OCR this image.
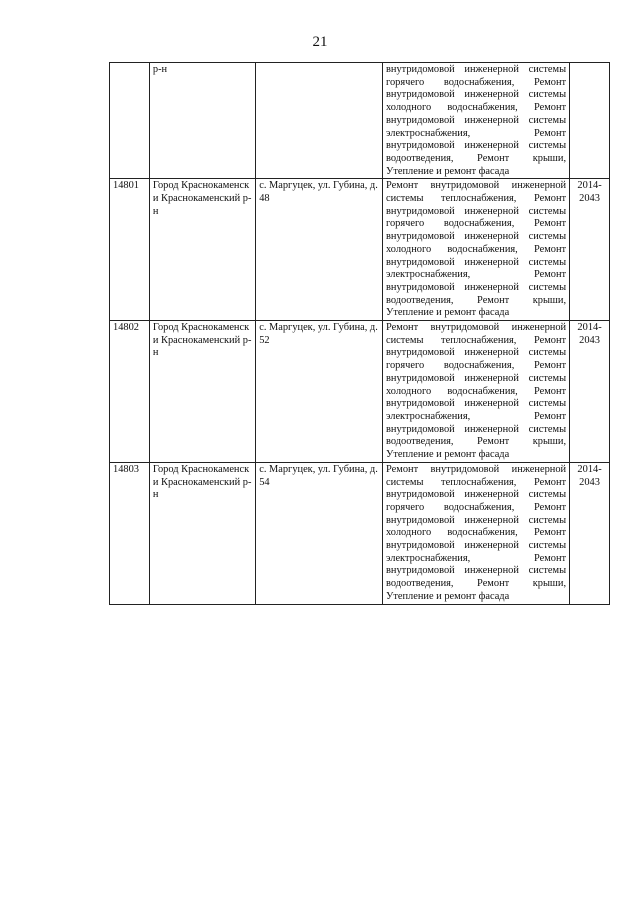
21
	р-н		внутридомовой инженерной системы горячего водоснабжения, Ремонт внутридомовой инженерной системы холодного водоснабжения, Ремонт внутридомовой инженерной системы электроснабжения, Ремонт внутридомовой инженерной системы водоотведения, Ремонт крыши, Утепление и ремонт фасада	

14801	Город Краснокаменск и Краснокаменский р-н	с. Маргуцек, ул. Губина, д. 48	Ремонт внутридомовой инженерной системы теплоснабжения, Ремонт внутридомовой инженерной системы горячего водоснабжения, Ремонт внутридомовой инженерной системы холодного водоснабжения, Ремонт внутридомовой инженерной системы электроснабжения, Ремонт внутридомовой инженерной системы водоотведения, Ремонт крыши, Утепление и ремонт фасада	2014-2043
14802	Город Краснокаменск и Краснокаменский р-н	с. Маргуцек, ул. Губина, д. 52	Ремонт внутридомовой инженерной системы теплоснабжения, Ремонт внутридомовой инженерной системы горячего водоснабжения, Ремонт внутридомовой инженерной системы холодного водоснабжения, Ремонт внутридомовой инженерной системы электроснабжения, Ремонт внутридомовой инженерной системы водоотведения, Ремонт крыши, Утепление и ремонт фасада	2014-2043
14803	Город Краснокаменск и Краснокаменский р-н	с. Маргуцек, ул. Губина, д. 54	Ремонт внутридомовой инженерной системы теплоснабжения, Ремонт внутридомовой инженерной системы горячего водоснабжения, Ремонт внутридомовой инженерной системы холодного водоснабжения, Ремонт внутридомовой инженерной системы электроснабжения, Ремонт внутридомовой инженерной системы водоотведения, Ремонт крыши, Утепление и ремонт фасада	2014-2043
